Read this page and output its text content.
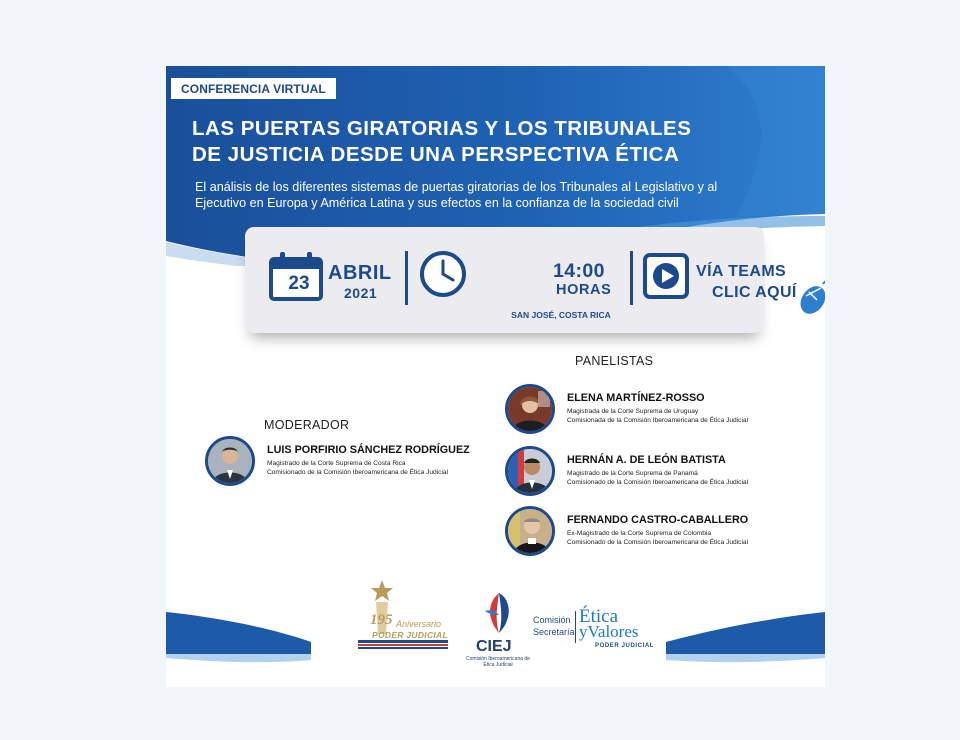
CONFERENCIA VIRTUAL
LAS PUERTAS GIRATORIAS Y LOS TRIBUNALES
DE JUSTICIA DESDE UNA PERSPECTIVA ÉTICA
El análisis de los diferentes sistemas de puertas giratorias de los Tribunales al Legislativo y al
Ejecutivo en Europa y América Latina y sus efectos en la confianza de la sociedad civil
23 ABRIL
2021
14:00
HORAS
SAN JOSÉ, COSTA RICA
VÍA TEAMS
CLIC AQUÍ
PANELISTAS
MODERADOR
LUIS PORFIRIO SÁNCHEZ RODRÍGUEZ
Magistrado de la Corte Suprema de Costa Rica
Comisionado de la Comisión Iberoamericana de Ética Judicial
ELENA MARTÍNEZ-ROSSO
Magistrada de la Corte Suprema de Uruguay
Comisionada de la Comisión Iberoamericana de Ética Judicial
HERNÁN A. DE LEÓN BATISTA
Magistrado de la Corte Suprema de Panamá
Comisionado de la Comisión Iberoamericana de Ética Judicial
FERNANDO CASTRO-CABALLERO
Ex-Magistrado de la Corte Suprema de Colombia
Comisionado de la Comisión Iberoamericana de Ética Judicial
195 Aniversario
PODER JUDICIAL
CIEJ
Comisión Iberoamericana de Ética Judicial
Comisión
Secretaría
Ética
yValores
PODER JUDICIAL
